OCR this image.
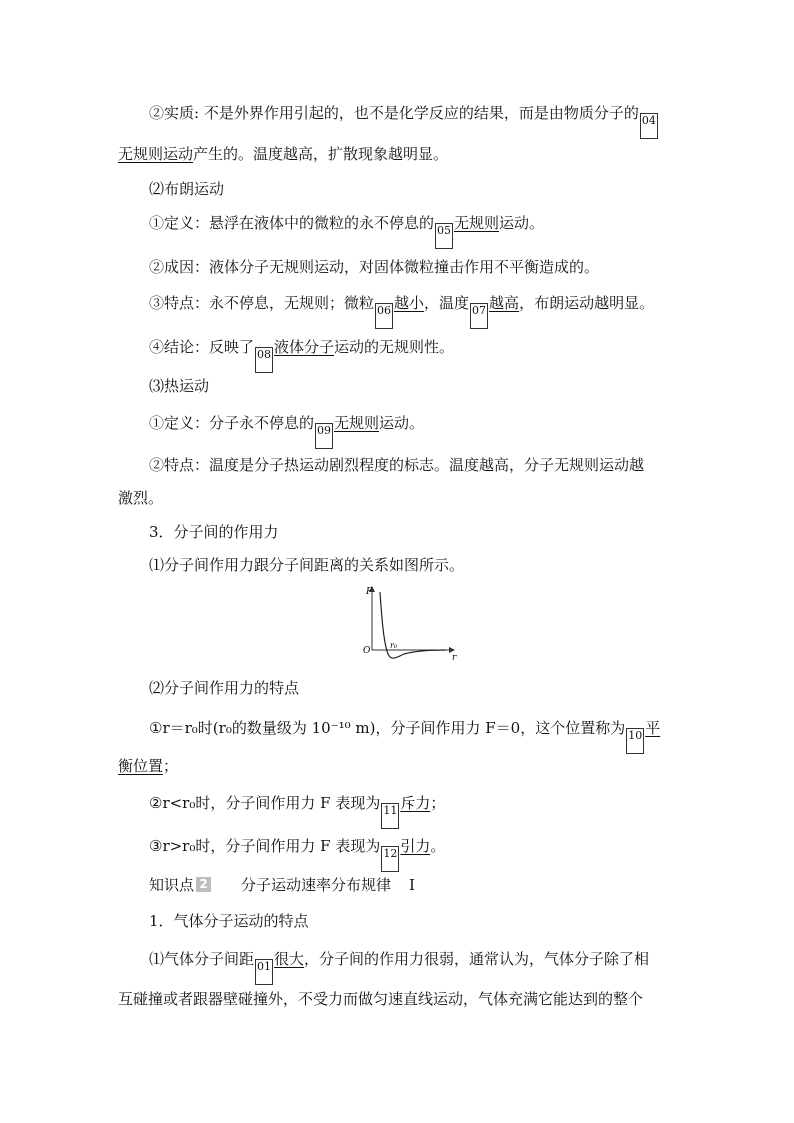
②实质: 不是外界作用引起的，也不是化学反应的结果，而是由物质分子的 04
无规则运动产生的。温度越高，扩散现象越明显。
⑵布朗运动
①定义：悬浮在液体中的微粒的永不停息的 05 无规则运动。
②成因：液体分子无规则运动，对固体微粒撞击作用不平衡造成的。
③特点：永不停息，无规则；微粒 06 越小，温度 07 越高，布朗运动越明显。
④结论：反映了 08 液体分子运动的无规则性。
⑶热运动
①定义：分子永不停息的 09 无规则运动。
②特点：温度是分子热运动剧烈程度的标志。温度越高，分子无规则运动越
激烈。
3．分子间的作用力
⑴分子间作用力跟分子间距离的关系如图所示。
F
r
O
r₀
⑵分子间作用力的特点
①r＝r₀时(r₀的数量级为 10⁻¹⁰ m)，分子间作用力 F＝0，这个位置称为 10 平
衡位置；
②r<r₀时，分子间作用力 F 表现为 11 斥力；
③r>r₀时，分子间作用力 F 表现为 12 引力。
知识点 2 分子运动速率分布规律 Ⅰ
1．气体分子运动的特点
⑴气体分子间距 01 很大，分子间的作用力很弱，通常认为，气体分子除了相
互碰撞或者跟器壁碰撞外，不受力而做匀速直线运动，气体充满它能达到的整个
